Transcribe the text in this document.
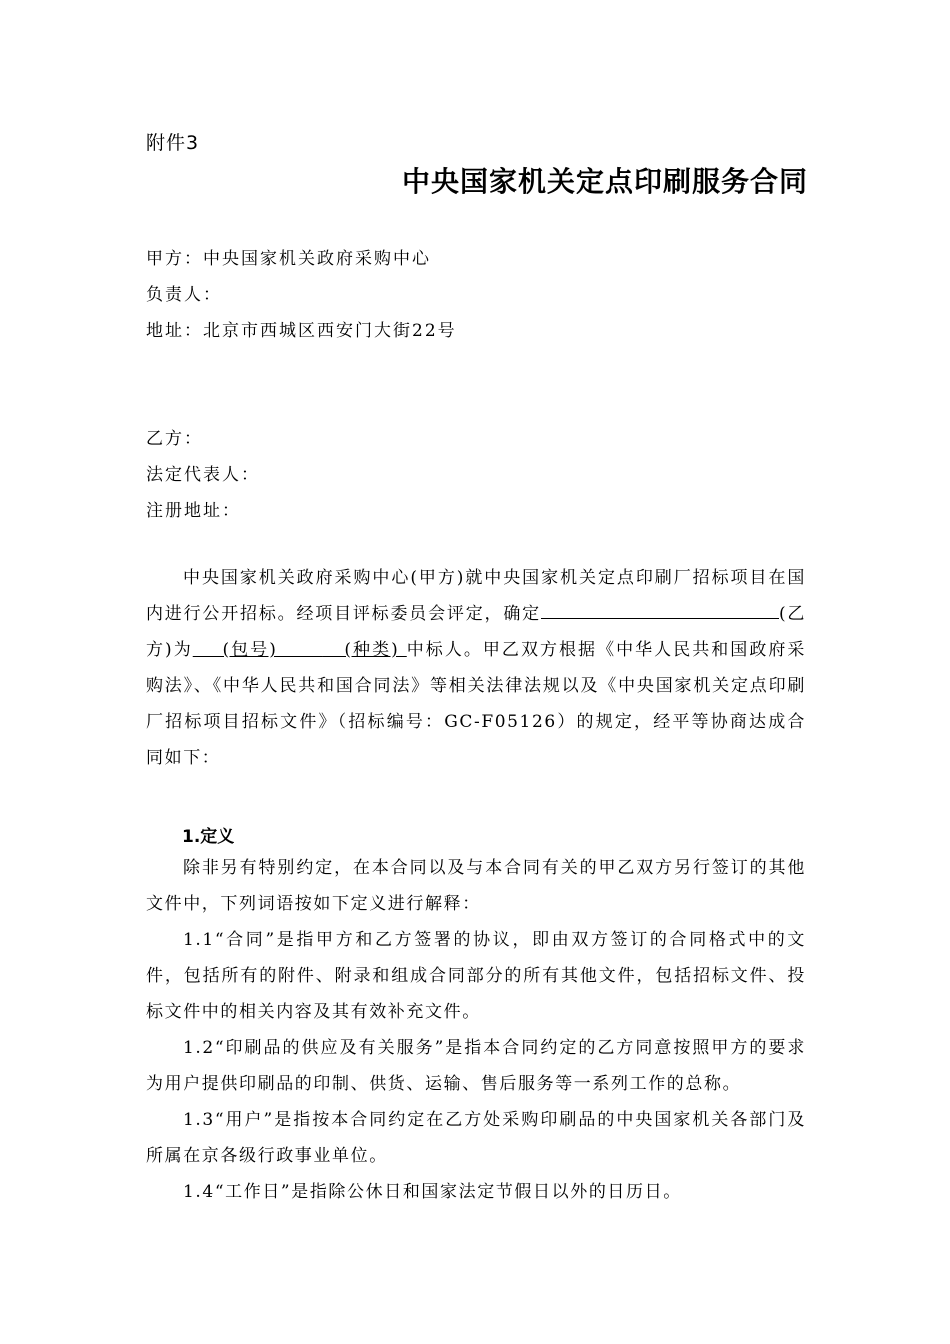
附件3
中央国家机关定点印刷服务合同
甲方：中央国家机关政府采购中心
负责人：
地址：北京市西城区西安门大街22号
乙方：
法定代表人：
注册地址：
中央国家机关政府采购中心(甲方)就中央国家机关定点印刷厂招标项目在国内进行公开招标。经项目评标委员会评定，确定	(乙方)为    (包号)         (种类) 中标人。甲乙双方根据《中华人民共和国政府采购法》、《中华人民共和国合同法》等相关法律法规以及《中央国家机关定点印刷厂招标项目招标文件》（招标编号：GC-F05126）的规定，经平等协商达成合同如下：
1.定义
除非另有特别约定，在本合同以及与本合同有关的甲乙双方另行签订的其他文件中，下列词语按如下定义进行解释：
1.1“合同”是指甲方和乙方签署的协议，即由双方签订的合同格式中的文件，包括所有的附件、附录和组成合同部分的所有其他文件，包括招标文件、投标文件中的相关内容及其有效补充文件。
1.2“印刷品的供应及有关服务”是指本合同约定的乙方同意按照甲方的要求为用户提供印刷品的印制、供货、运输、售后服务等一系列工作的总称。
1.3“用户”是指按本合同约定在乙方处采购印刷品的中央国家机关各部门及所属在京各级行政事业单位。
1.4“工作日”是指除公休日和国家法定节假日以外的日历日。
